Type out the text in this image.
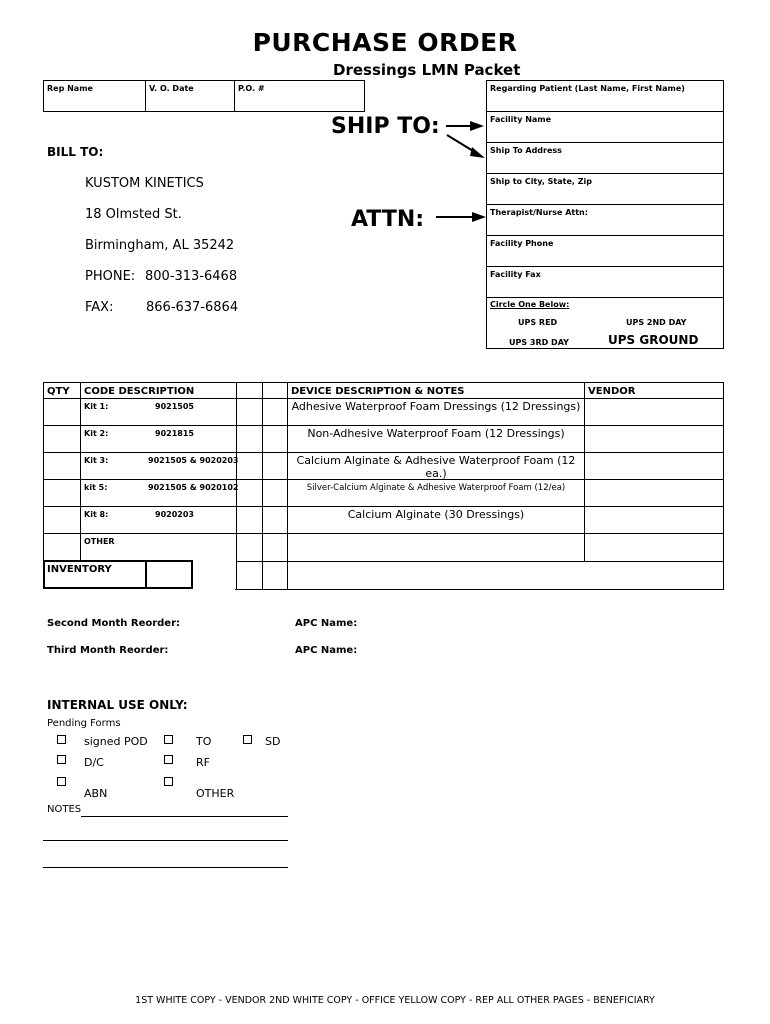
PURCHASE ORDER
Dressings LMN Packet
Rep Name	V. O. Date	P.O. #
SHIP TO:
ATTN:
BILL TO:
KUSTOM KINETICS
18 Olmsted St.
Birmingham, AL 35242
PHONE: 800-313-6468
FAX:	866-637-6864
Regarding Patient (Last Name, First Name)
Facility Name
Ship To Address
Ship to City, State, Zip
Therapist/Nurse Attn:
Facility Phone
Facility Fax
Circle One Below:
UPS RED	UPS 2ND DAY
UPS 3RD DAY	UPS GROUND
QTY CODE DESCRIPTION	DEVICE DESCRIPTION & NOTES	VENDOR
Kit 1:	9021505	Adhesive Waterproof Foam Dressings (12 Dressings)
Kit 2:	9021815	Non-Adhesive Waterproof Foam (12 Dressings)
Kit 3:	9021505 & 9020203	Calcium Alginate & Adhesive Waterproof Foam (12 ea.)
kit 5:	9021505 & 9020102	Silver-Calcium Alginate & Adhesive Waterproof Foam (12/ea)
Kit 8:	9020203	Calcium Alginate (30 Dressings)
OTHER
INVENTORY
Second Month Reorder:	APC Name:
Third Month Reorder:	APC Name:
INTERNAL USE ONLY:
Pending Forms
signed POD	TO	SD
D/C	RF
ABN	OTHER
NOTES
1ST WHITE COPY - VENDOR 2ND WHITE COPY - OFFICE YELLOW COPY - REP ALL OTHER PAGES - BENEFICIARY
